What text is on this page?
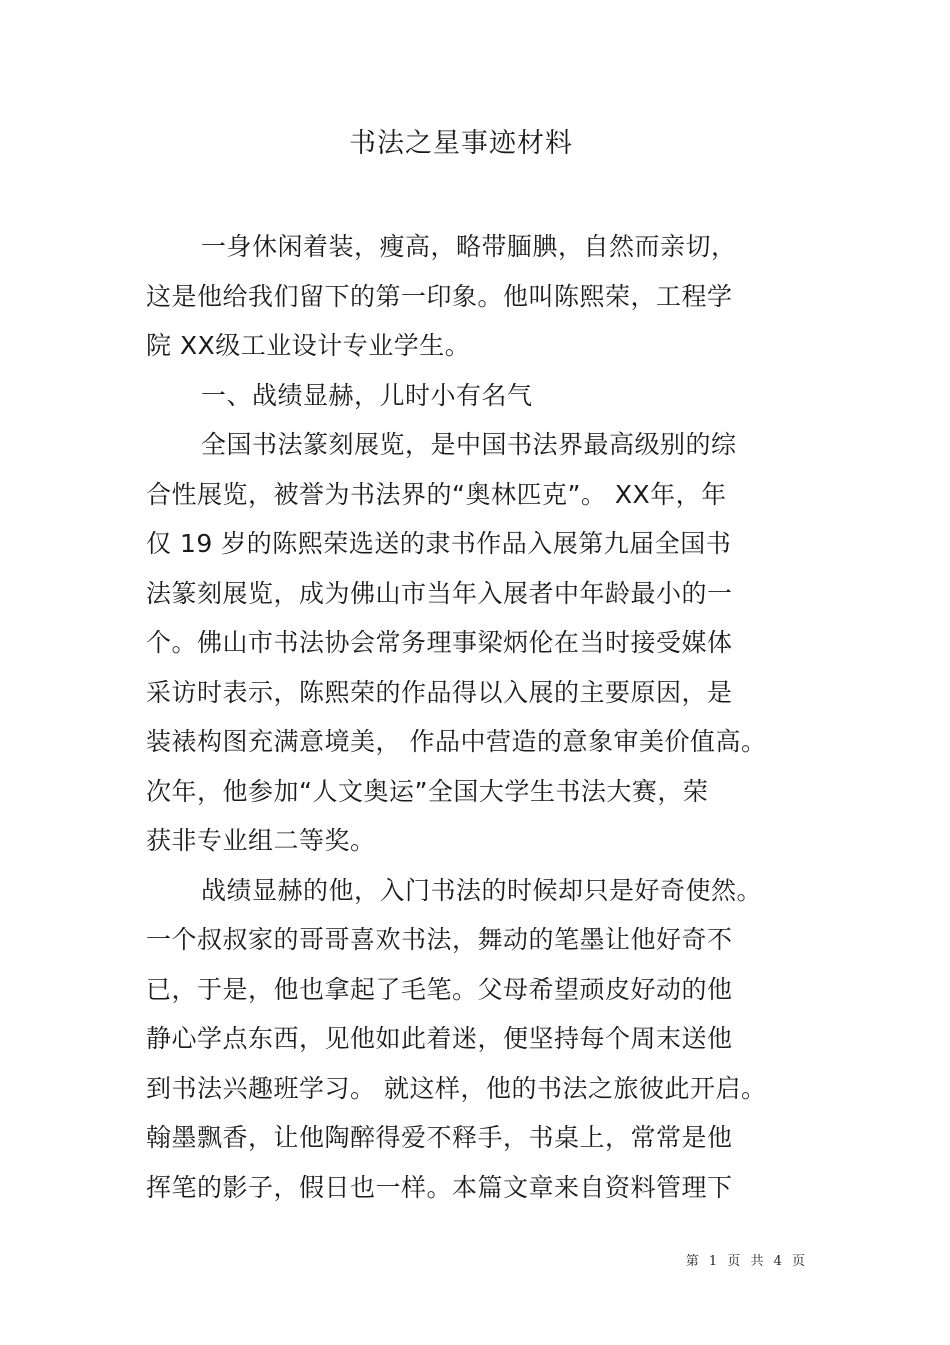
书法之星事迹材料
一身休闲着装，瘦高，略带腼腆，自然而亲切，
这是他给我们留下的第一印象。他叫陈熙荣，工程学
院 XX级工业设计专业学生。
一、战绩显赫，儿时小有名气
全国书法篆刻展览，是中国书法界最高级别的综
合性展览，被誉为书法界的“奥林匹克”。 XX年，年
仅 19 岁的陈熙荣选送的隶书作品入展第九届全国书
法篆刻展览，成为佛山市当年入展者中年龄最小的一
个。佛山市书法协会常务理事梁炳伦在当时接受媒体
采访时表示，陈熙荣的作品得以入展的主要原因，是
装裱构图充满意境美， 作品中营造的意象审美价值高。
次年，他参加“人文奥运”全国大学生书法大赛，荣
获非专业组二等奖。
战绩显赫的他，入门书法的时候却只是好奇使然。
一个叔叔家的哥哥喜欢书法，舞动的笔墨让他好奇不
已，于是，他也拿起了毛笔。父母希望顽皮好动的他
静心学点东西，见他如此着迷，便坚持每个周末送他
到书法兴趣班学习。 就这样，他的书法之旅彼此开启。
翰墨飘香，让他陶醉得爱不释手，书桌上，常常是他
挥笔的影子，假日也一样。本篇文章来自资料管理下
第 1 页 共 4 页
